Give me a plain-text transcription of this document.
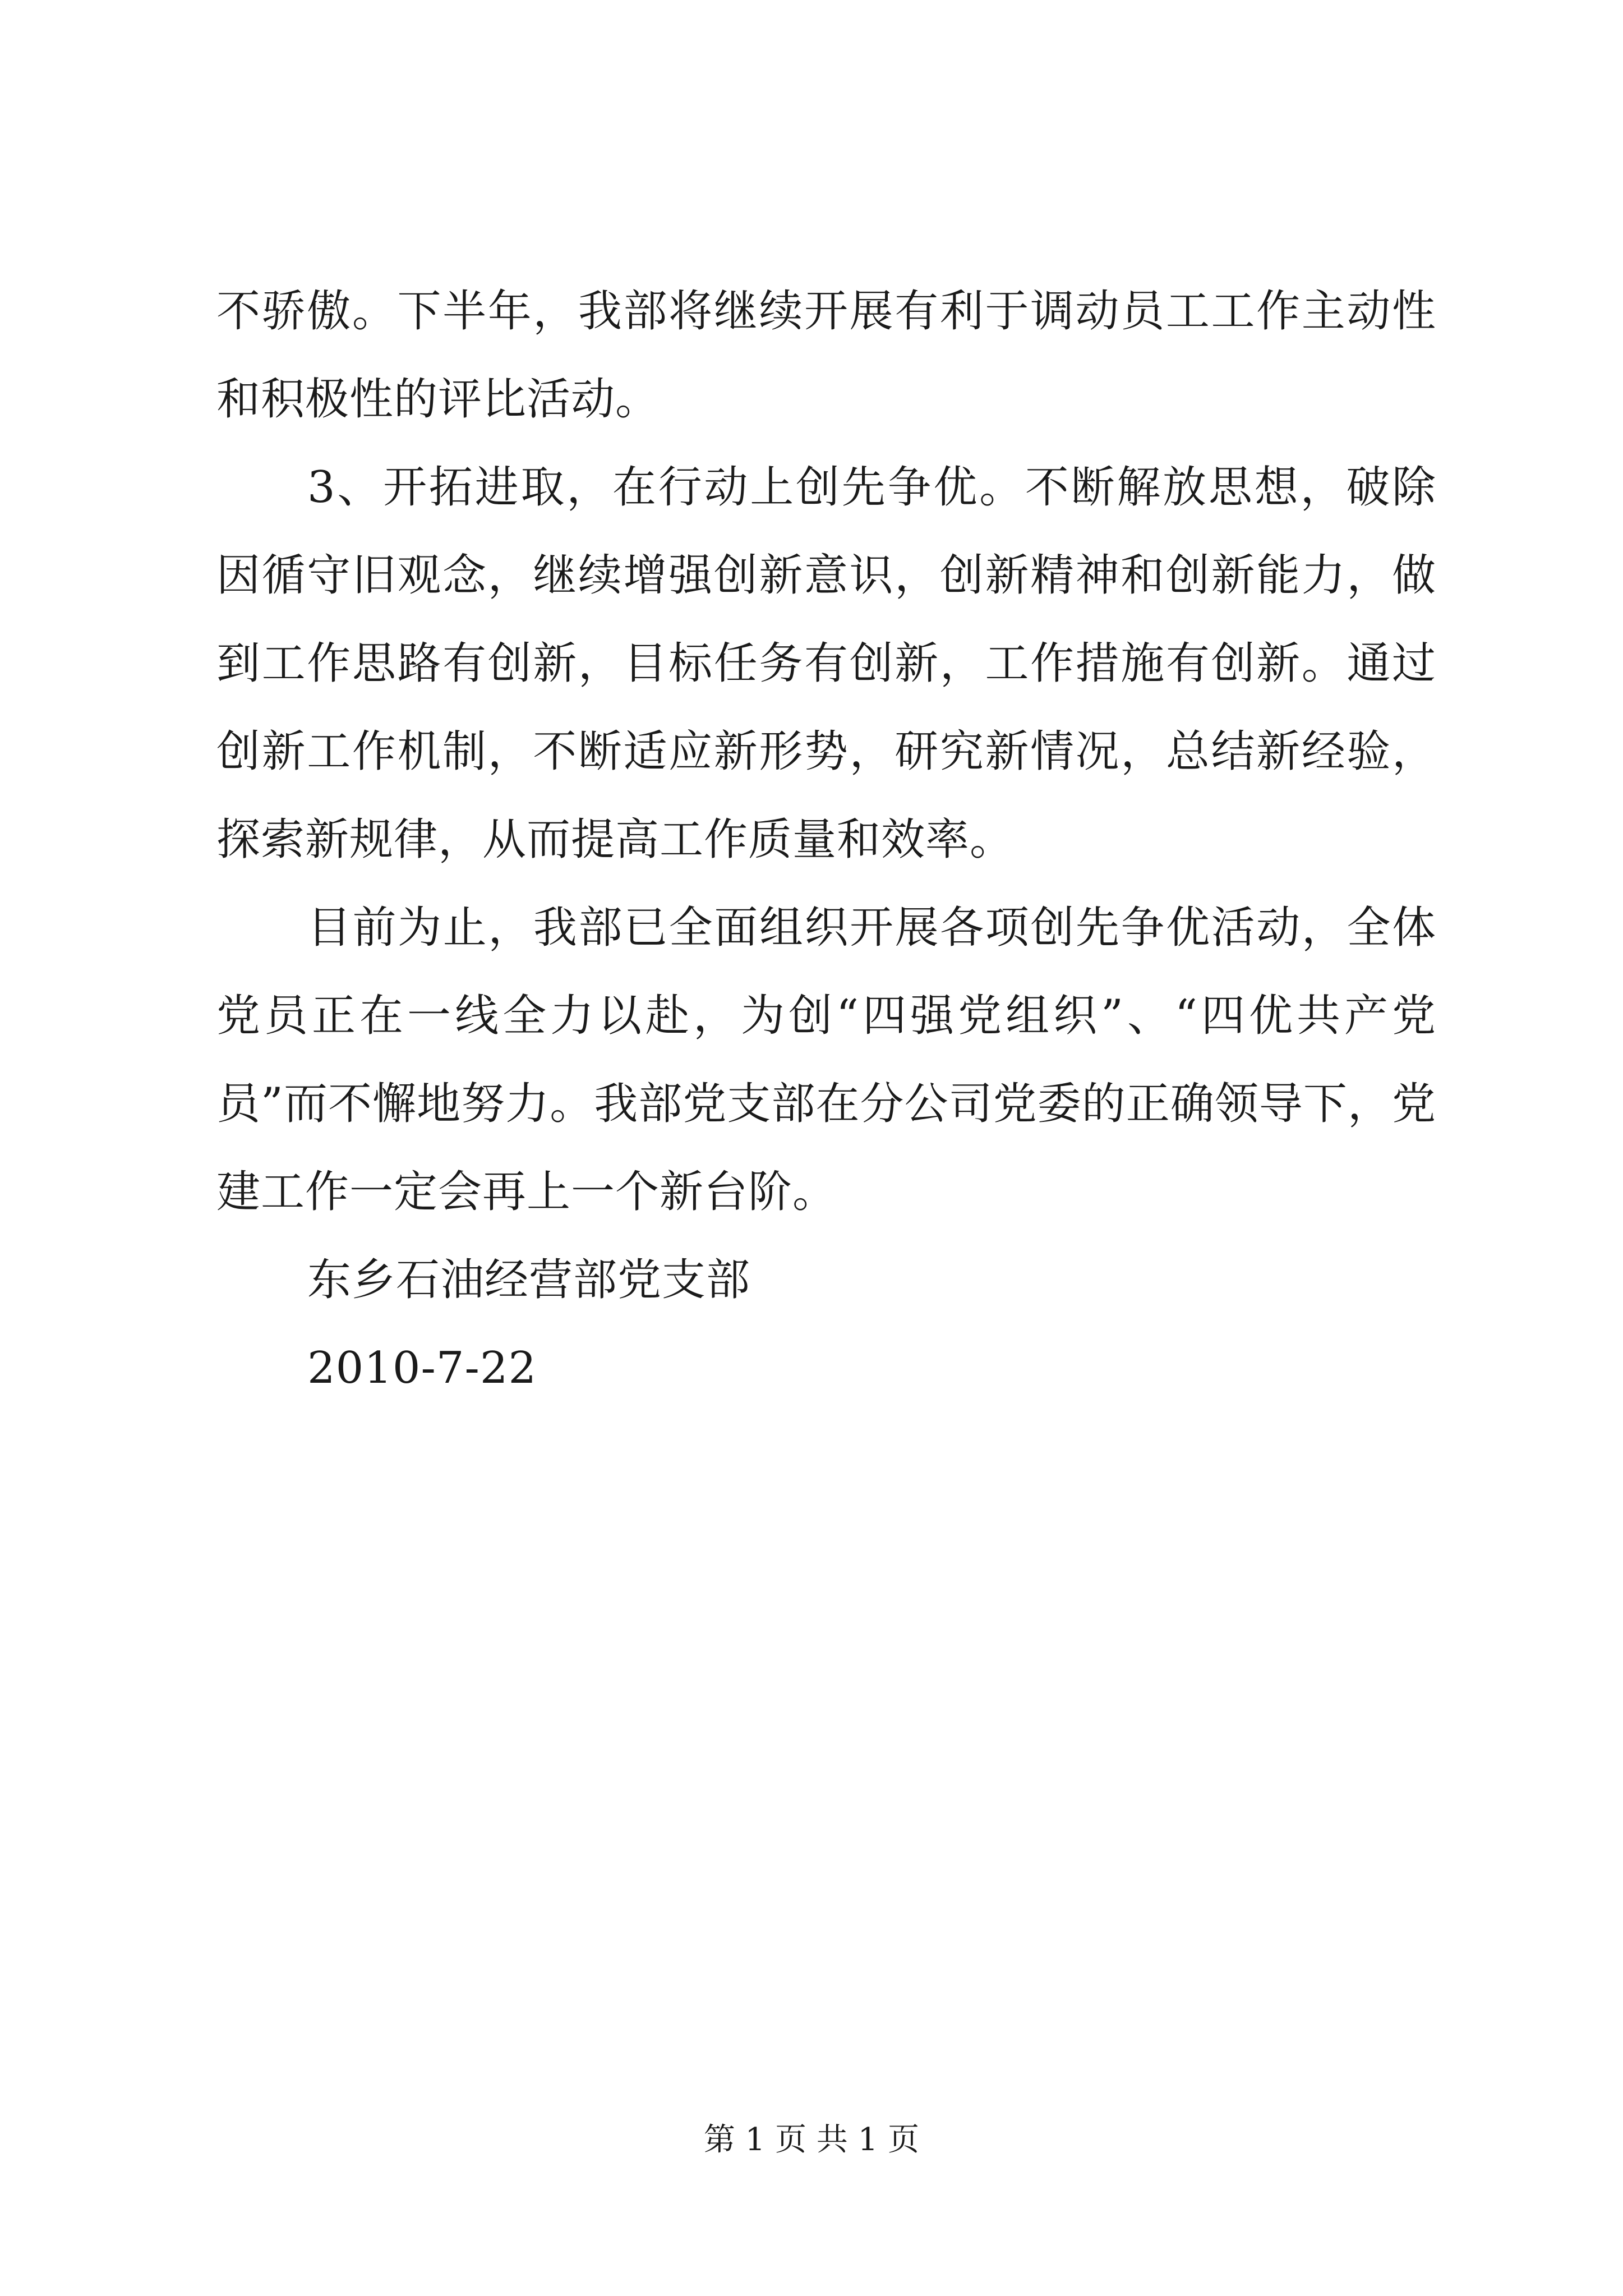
不骄傲。下半年，我部将继续开展有利于调动员工工作主动性和积极性的评比活动。

3、开拓进取，在行动上创先争优。不断解放思想，破除因循守旧观念，继续增强创新意识，创新精神和创新能力，做到工作思路有创新，目标任务有创新，工作措施有创新。通过创新工作机制，不断适应新形势，研究新情况，总结新经验，探索新规律，从而提高工作质量和效率。

目前为止，我部已全面组织开展各项创先争优活动，全体党员正在一线全力以赴，为创“四强党组织”、“四优共产党员”而不懈地努力。我部党支部在分公司党委的正确领导下，党建工作一定会再上一个新台阶。

东乡石油经营部党支部

2010-7-22

第 1 页 共 1 页
